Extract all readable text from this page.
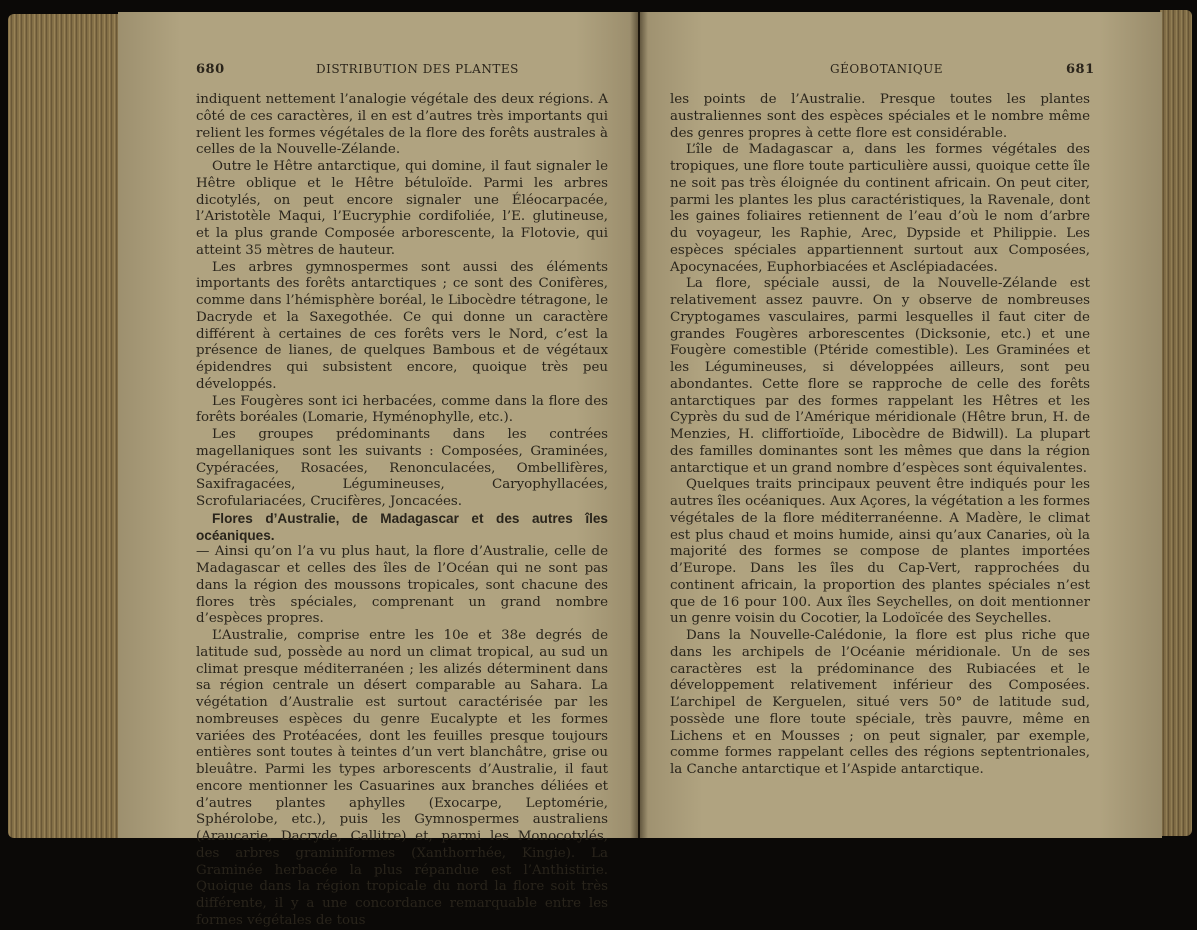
680	DISTRIBUTION DES PLANTES	GÉOBOTANIQUE	681

indiquent nettement l’analogie végétale des deux régions. A côté de ces caractères, il en est d’autres très importants qui relient les formes végétales de la flore des forêts australes à celles de la Nouvelle-Zélande.

Outre le Hêtre antarctique, qui domine, il faut signaler le Hêtre oblique et le Hêtre bétuloïde. Parmi les arbres dicotylés, on peut encore signaler une Éléocarpacée, l’Aristotèle Maqui, l’Eucryphie cordifoliée, l’E. glutineuse, et la plus grande Composée arborescente, la Flotovie, qui atteint 35 mètres de hauteur.

Les arbres gymnospermes sont aussi des éléments importants des forêts antarctiques ; ce sont des Conifères, comme dans l’hémisphère boréal, le Libocèdre tétragone, le Dacryde et la Saxegothée. Ce qui donne un caractère différent à certaines de ces forêts vers le Nord, c’est la présence de lianes, de quelques Bambous et de végétaux épidendres qui subsistent encore, quoique très peu développés.

Les Fougères sont ici herbacées, comme dans la flore des forêts boréales (Lomarie, Hyménophylle, etc.).

Les groupes prédominants dans les contrées magellaniques sont les suivants : Composées, Graminées, Cypéracées, Rosacées, Renonculacées, Ombellifères, Saxifragacées, Légumineuses, Caryophyllacées, Scrofulariacées, Crucifères, Joncacées.

Flores d’Australie, de Madagascar et des autres îles océaniques.

— Ainsi qu’on l’a vu plus haut, la flore d’Australie, celle de Madagascar et celles des îles de l’Océan qui ne sont pas dans la région des moussons tropicales, sont chacune des flores très spéciales, comprenant un grand nombre d’espèces propres.

L’Australie, comprise entre les 10e et 38e degrés de latitude sud, possède au nord un climat tropical, au sud un climat presque méditerranéen ; les alizés déterminent dans sa région centrale un désert comparable au Sahara. La végétation d’Australie est surtout caractérisée par les nombreuses espèces du genre Eucalypte et les formes variées des Protéacées, dont les feuilles presque toujours entières sont toutes à teintes d’un vert blanchâtre, grise ou bleuâtre. Parmi les types arborescents d’Australie, il faut encore mentionner les Casuarines aux branches déliées et d’autres plantes aphylles (Exocarpe, Leptomérie, Sphérolobe, etc.), puis les Gymnospermes australiens (Araucarie, Dacryde, Callitre) et, parmi les Monocotylés, des arbres graminiformes (Xanthorrhée, Kingie). La Graminée herbacée la plus répandue est l’Anthistirie. Quoique dans la région tropicale du nord la flore soit très différente, il y a une concordance remarquable entre les formes végétales de tous

les points de l’Australie. Presque toutes les plantes australiennes sont des espèces spéciales et le nombre même des genres propres à cette flore est considérable.

L’île de Madagascar a, dans les formes végétales des tropiques, une flore toute particulière aussi, quoique cette île ne soit pas très éloignée du continent africain. On peut citer, parmi les plantes les plus caractéristiques, la Ravenale, dont les gaines foliaires retiennent de l’eau d’où le nom d’arbre du voyageur, les Raphie, Arec, Dypside et Philippie. Les espèces spéciales appartiennent surtout aux Composées, Apocynacées, Euphorbiacées et Asclépiadacées.

La flore, spéciale aussi, de la Nouvelle-Zélande est relativement assez pauvre. On y observe de nombreuses Cryptogames vasculaires, parmi lesquelles il faut citer de grandes Fougères arborescentes (Dicksonie, etc.) et une Fougère comestible (Ptéride comestible). Les Graminées et les Légumineuses, si développées ailleurs, sont peu abondantes. Cette flore se rapproche de celle des forêts antarctiques par des formes rappelant les Hêtres et les Cyprès du sud de l’Amérique méridionale (Hêtre brun, H. de Menzies, H. cliffortioïde, Libocèdre de Bidwill). La plupart des familles dominantes sont les mêmes que dans la région antarctique et un grand nombre d’espèces sont équivalentes.

Quelques traits principaux peuvent être indiqués pour les autres îles océaniques. Aux Açores, la végétation a les formes végétales de la flore méditerranéenne. A Madère, le climat est plus chaud et moins humide, ainsi qu’aux Canaries, où la majorité des formes se compose de plantes importées d’Europe. Dans les îles du Cap-Vert, rapprochées du continent africain, la proportion des plantes spéciales n’est que de 16 pour 100. Aux îles Seychelles, on doit mentionner un genre voisin du Cocotier, la Lodoïcée des Seychelles.

Dans la Nouvelle-Calédonie, la flore est plus riche que dans les archipels de l’Océanie méridionale. Un de ses caractères est la prédominance des Rubiacées et le développement relativement inférieur des Composées. L’archipel de Kerguelen, situé vers 50° de latitude sud, possède une flore toute spéciale, très pauvre, même en Lichens et en Mousses ; on peut signaler, par exemple, comme formes rappelant celles des régions septentrionales, la Canche antarctique et l’Aspide antarctique.
